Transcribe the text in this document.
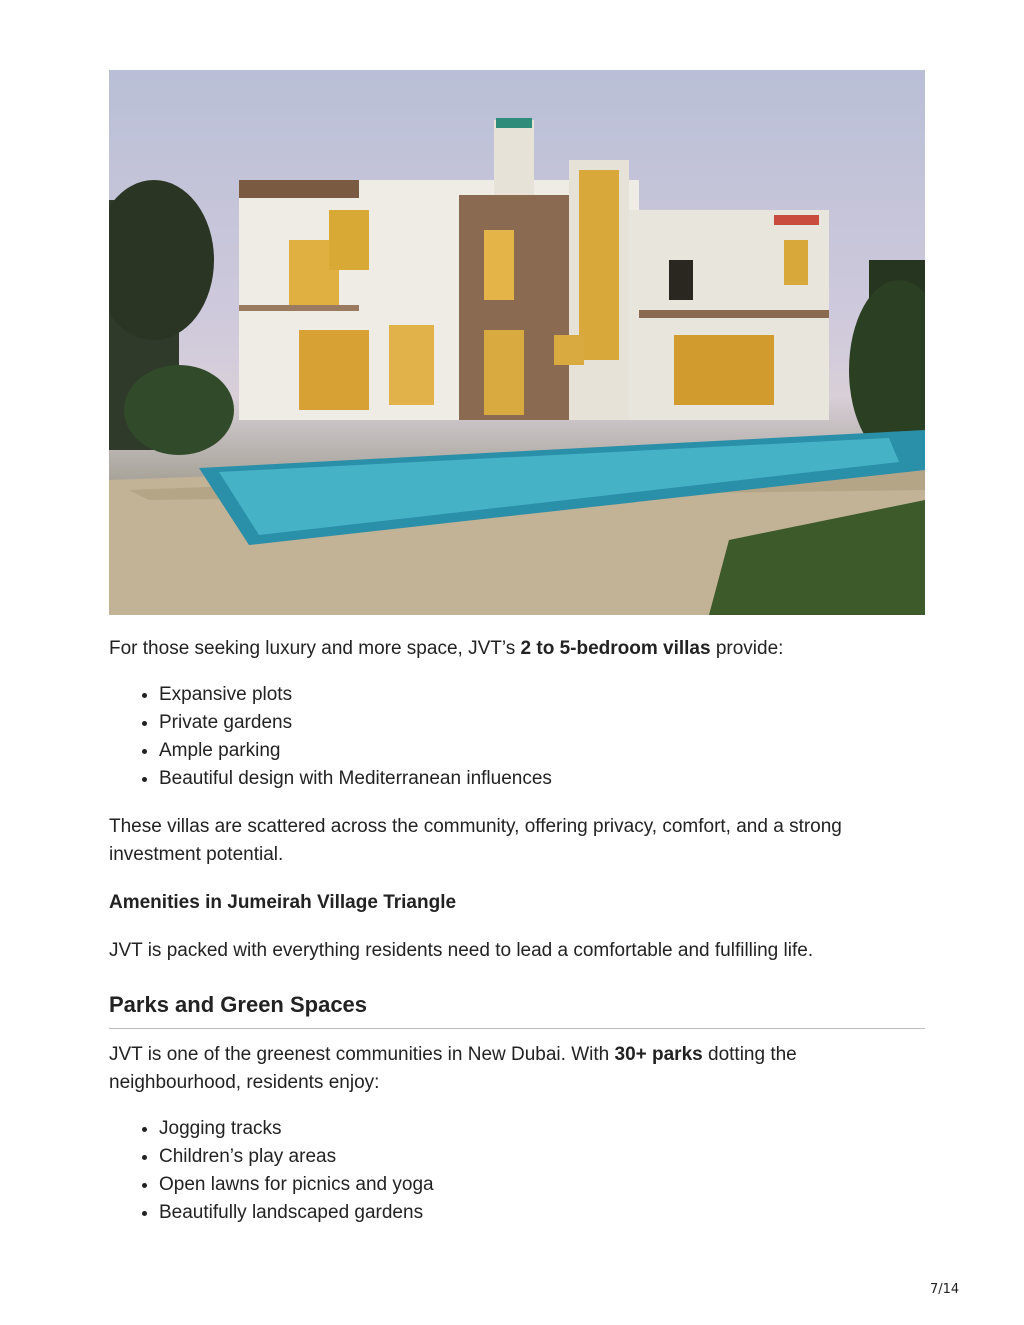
For those seeking luxury and more space, JVT’s 2 to 5-bedroom villas provide:

• Expansive plots
• Private gardens
• Ample parking
• Beautiful design with Mediterranean influences

These villas are scattered across the community, offering privacy, comfort, and a strong investment potential.

Amenities in Jumeirah Village Triangle

JVT is packed with everything residents need to lead a comfortable and fulfilling life.

Parks and Green Spaces

JVT is one of the greenest communities in New Dubai. With 30+ parks dotting the neighbourhood, residents enjoy:

• Jogging tracks
• Children’s play areas
• Open lawns for picnics and yoga
• Beautifully landscaped gardens
7/14
